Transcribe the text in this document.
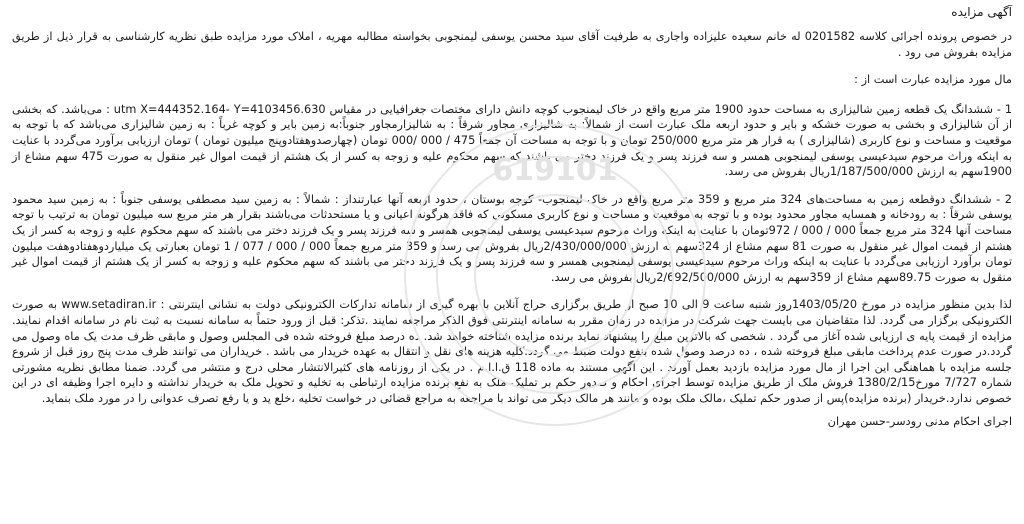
آگهی مزایده

در خصوص پرونده اجرائی کلاسه 0201582 له خانم سعیده علیزاده واجاری به طرفیت آقای سید محسن یوسفی لیمنجوبی بخواسته مطالبه مهریه ، املاک مورد مزایده طبق نظریه کارشناسی به قرار ذیل از طریق مزایده بفروش می رود .

مال مورد مزایده عبارت است از :

1 - ششدانگ یک قطعه زمین شالیزاری به مساحت حدود 1900 متر مربع واقع در خاک لیمنجوب کوچه دانش دارای مختصات جغرافیایی در مقیاس utm X=444352.164- Y=4103456.630 : می‌باشد. که بخشی از آن شالیزاری و بخشی به صورت خشکه و بایر و حدود اربعه ملک عبارت است از شمالاً: به شالیزاری مجاور شرقاً : به شالیزارمجاور جنوباً:به زمین بایر و کوچه غرباً : به زمین شالیزاری می‌باشد که با توجه به موقعیت و مساحت و نوع کاربری (شالیزاری ) به قرار هر متر مربع 250/000 تومان و با توجه به مساحت آن جمعاً 475 / 000 /000 تومان (چهارصدوهفتادوپنج میلیون تومان ) تومان ارزیابی برآورد می‌گردد با عنایت به اینکه وراث مرحوم سیدعیسی یوسفی لیمنجوبی همسر و سه فرزند پسر و یک فرزند دختر می باشند که سهم محکوم علیه و زوجه به کسر از یک هشتم از قیمت اموال غیر منقول به صورت 475 سهم مشاع از 1900سهم به ارزش 1/187/500/000ریال بفروش می رسد.

2 - ششدانگ دوقطعه زمین به مساحت‌های 324 متر مربع و 359 متر مربع واقع در خاک لیمنجوب- کوچه بوستان ، حدود اربعه آنها عبارتنداز : شمالاً : به زمین سید مصطفی یوسفی جنوباً : به زمین سید محمود یوسفی شرقاً : به رودخانه و همسایه مجاور محدود بوده و با توجه به موقعیت و مساحت و نوع کاربری مسکونی که فاقد هرگونه اعیانی و یا مستحدثات می‌باشند بقرار هر متر مربع سه میلیون تومان به ترتیب با توجه مساحت آنها 324 متر مربع جمعاً 000 / 000 / 972تومان با عنایت به اینکه وراث مرحوم سیدعیسی یوسفی لیمنجوبی همسر و سه فرزند پسر و یک فرزند دختر می باشند که سهم محکوم علیه و زوجه به کسر از یک هشتم از قیمت اموال غیر منقول به صورت 81 سهم مشاع از 324سهم به ارزش 2/430/000/000ریال بفروش می رسد و 359 متر مربع جمعاً 000 / 000 / 077 / 1 تومان بعبارتی یک میلیاردوهفتادوهفت میلیون تومان برآورد ارزیابی می‌گردد با عنایت به اینکه وراث مرحوم سیدعیسی یوسفی لیمنجوبی همسر و سه فرزند پسر و یک فرزند دختر می باشند که سهم محکوم علیه و زوجه به کسر از یک هشتم از قیمت اموال غیر منقول به صورت 89.75سهم مشاع از 359سهم به ارزش 2/692/500/000ریال بفروش می رسد.

لذا بدین منظور مزایده در مورخ 1403/05/20روز شنبه ساعت 9 الی 10 صبح از طریق برگزاری حراج آنلاین با بهره گیری از سامانه تدارکات الکترونیکی دولت به نشانی اینترنتی : www.setadiran.ir به صورت الکترونیکی برگزار می گردد. لذا متقاضیان می بایست جهت شرکت در مزایده در زمان مقرر به سامانه اینترنتی فوق الذکر مراجعه نمایند .تذکر: قبل از ورود حتماً به سامانه نسبت به ثبت نام در سامانه اقدام نمایند. مزایده از قیمت پایه ی ارزیابی شده آغاز می گردد . شخصی که بالاترین مبلغ را پیشنهاد نماید برنده مزایده شناخته خواهد شد. ده درصد مبلغ فروخته شده فی المجلس وصول و مابقی ظرف مدت یک ماه وصول می گردد.در صورت عدم پرداخت مابقی مبلغ فروخته شده ، ده درصد وصول شده بنفع دولت ضبط می گردد.کلیه هزینه های نقل و انتقال به عهده خریدار می باشد . خریداران می توانند ظرف مدت پنج روز قبل از شروع جلسه مزایده با هماهنگی این اجرا از مال مورد مزایده بازدید بعمل آورند . این آگهی مستند به ماده 118 ق.ا.ا.م . در یکی از روزنامه های کثیرالانتشار محلی درج و منتشر می گردد. ضمنا مطابق نظریه مشورتی شماره 7/727 مورخ1380/2/15 فروش ملک از طریق مزایده توسط اجرای احکام و صدور حکم بر تملیک ملک به نفع برنده مزایده ارتباطی به تخلیه و تحویل ملک به خریدار نداشته و دایره اجرا وظیفه ای در این خصوص ندارد.خریدار (برنده مزایده)پس از صدور حکم تملیک ،مالک ملک بوده و مانند هر مالک دیگر می تواند با مراجعه به مراجع قضائی در خواست تخلیه ،خلع ید و یا رفع تصرف عدوانی را در مورد ملک بنماید.

اجرای احکام مدنی رودسر-حسن مهران

619101
